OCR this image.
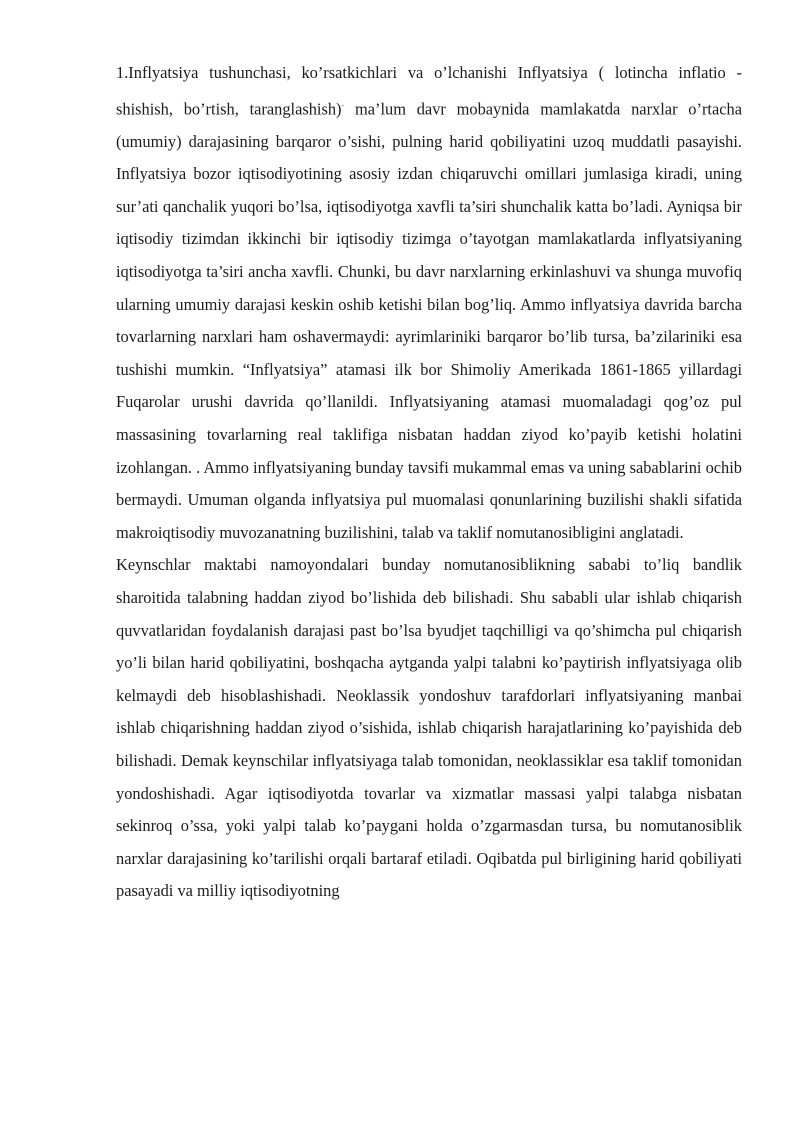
1.Inflyatsiya tushunchasi, ko’rsatkichlari va o’lchanishi Inflyatsiya ( lotincha inflatio - shishish, bo’rtish, taranglashish)- ma’lum davr mobaynida mamlakatda narxlar o’rtacha (umumiy) darajasining barqaror o’sishi, pulning harid qobiliyatini uzoq muddatli pasayishi. Inflyatsiya bozor iqtisodiyotining asosiy izdan chiqaruvchi omillari jumlasiga kiradi, uning sur’ati qanchalik yuqori bo’lsa, iqtisodiyotga xavfli ta’siri shunchalik katta bo’ladi. Ayniqsa bir iqtisodiy tizimdan ikkinchi bir iqtisodiy tizimga o’tayotgan mamlakatlarda inflyatsiyaning iqtisodiyotga ta’siri ancha xavfli. Chunki, bu davr narxlarning erkinlashuvi va shunga muvofiq ularning umumiy darajasi keskin oshib ketishi bilan bog’liq. Ammo inflyatsiya davrida barcha tovarlarning narxlari ham oshavermaydi: ayrimlariniki barqaror bo’lib tursa, ba’zilariniki esa tushishi mumkin. “Inflyatsiya” atamasi ilk bor Shimoliy Amerikada 1861-1865 yillardagi Fuqarolar urushi davrida qo’llanildi. Inflyatsiyaning atamasi muomaladagi qog’oz pul massasining tovarlarning real taklifiga nisbatan haddan ziyod ko’payib ketishi holatini izohlangan. . Ammo inflyatsiyaning bunday tavsifi mukammal emas va uning sabablarini ochib bermaydi. Umuman olganda inflyatsiya pul muomalasi qonunlarining buzilishi shakli sifatida makroiqtisodiy muvozanatning buzilishini, talab va taklif nomutanosibligini anglatadi.

Keynschlar maktabi namoyondalari bunday nomutanosiblikning sababi to’liq bandlik sharoitida talabning haddan ziyod bo’lishida deb bilishadi. Shu sababli ular ishlab chiqarish quvvatlaridan foydalanish darajasi past bo’lsa byudjet taqchilligi va qo’shimcha pul chiqarish yo’li bilan harid qobiliyatini, boshqacha aytganda yalpi talabni ko’paytirish inflyatsiyaga olib kelmaydi deb hisoblashishadi. Neoklassik yondoshuv tarafdorlari inflyatsiyaning manbai ishlab chiqarishning haddan ziyod o’sishida, ishlab chiqarish harajatlarining ko’payishida deb bilishadi. Demak keynschilar inflyatsiyaga talab tomonidan, neoklassiklar esa taklif tomonidan yondoshishadi. Agar iqtisodiyotda tovarlar va xizmatlar massasi yalpi talabga nisbatan sekinroq o’ssa, yoki yalpi talab ko’paygani holda o’zgarmasdan tursa, bu nomutanosiblik narxlar darajasining ko’tarilishi orqali bartaraf etiladi. Oqibatda pul birligining harid qobiliyati pasayadi va milliy iqtisodiyotning
